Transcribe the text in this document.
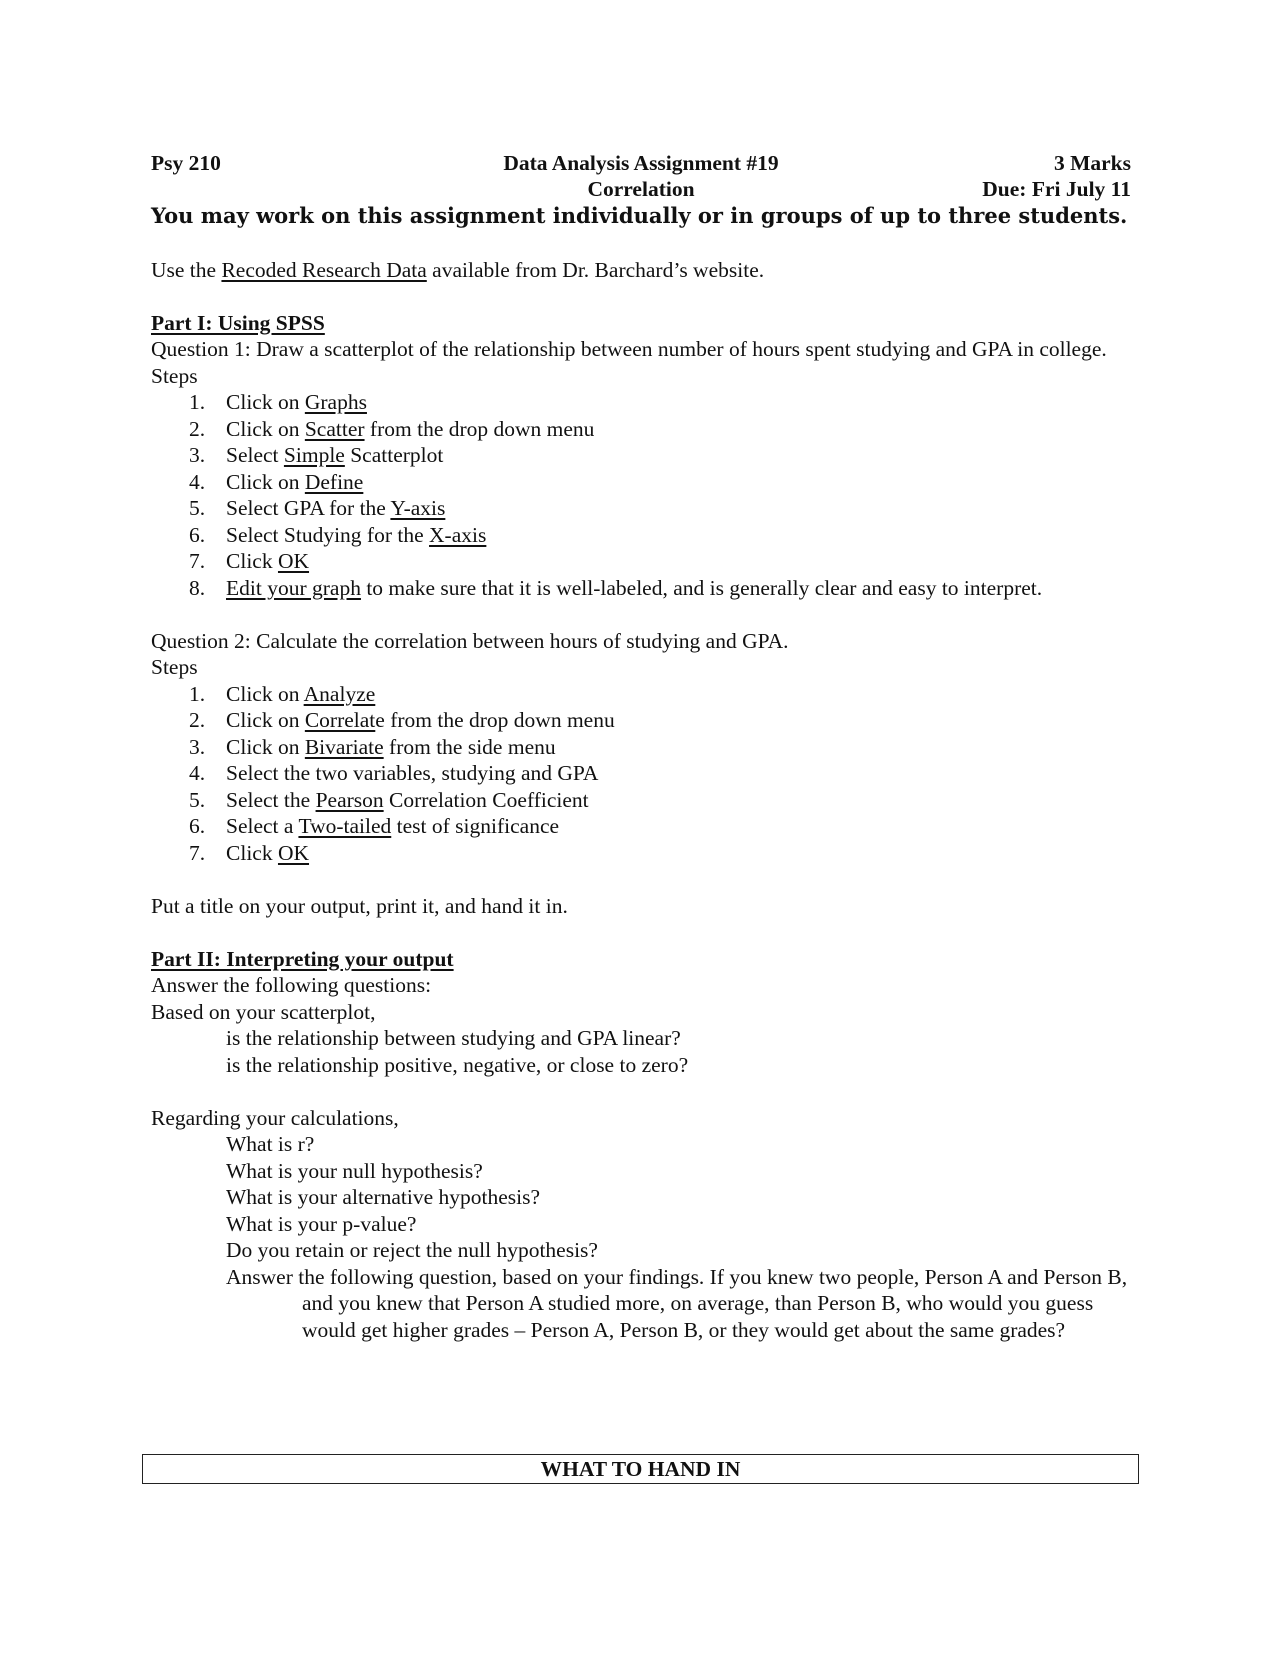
Psy 210	Data Analysis Assignment #19	3 Marks
Correlation	Due: Fri July 11
You may work on this assignment individually or in groups of up to three students.
Use the Recoded Research Data available from Dr. Barchard’s website.
Part I: Using SPSS
Question 1: Draw a scatterplot of the relationship between number of hours spent studying and GPA in college.
Steps
1. Click on Graphs
2. Click on Scatter from the drop down menu
3. Select Simple Scatterplot
4. Click on Define
5. Select GPA for the Y-axis
6. Select Studying for the X-axis
7. Click OK
8. Edit your graph to make sure that it is well-labeled, and is generally clear and easy to interpret.
Question 2: Calculate the correlation between hours of studying and GPA.
Steps
1. Click on Analyze
2. Click on Correlate from the drop down menu
3. Click on Bivariate from the side menu
4. Select the two variables, studying and GPA
5. Select the Pearson Correlation Coefficient
6. Select a Two-tailed test of significance
7. Click OK
Put a title on your output, print it, and hand it in.
Part II: Interpreting your output
Answer the following questions:
Based on your scatterplot,
is the relationship between studying and GPA linear?
is the relationship positive, negative, or close to zero?
Regarding your calculations,
What is r?
What is your null hypothesis?
What is your alternative hypothesis?
What is your p-value?
Do you retain or reject the null hypothesis?
Answer the following question, based on your findings. If you knew two people, Person A and Person B, and you knew that Person A studied more, on average, than Person B, who would you guess would get higher grades – Person A, Person B, or they would get about the same grades?
WHAT TO HAND IN
